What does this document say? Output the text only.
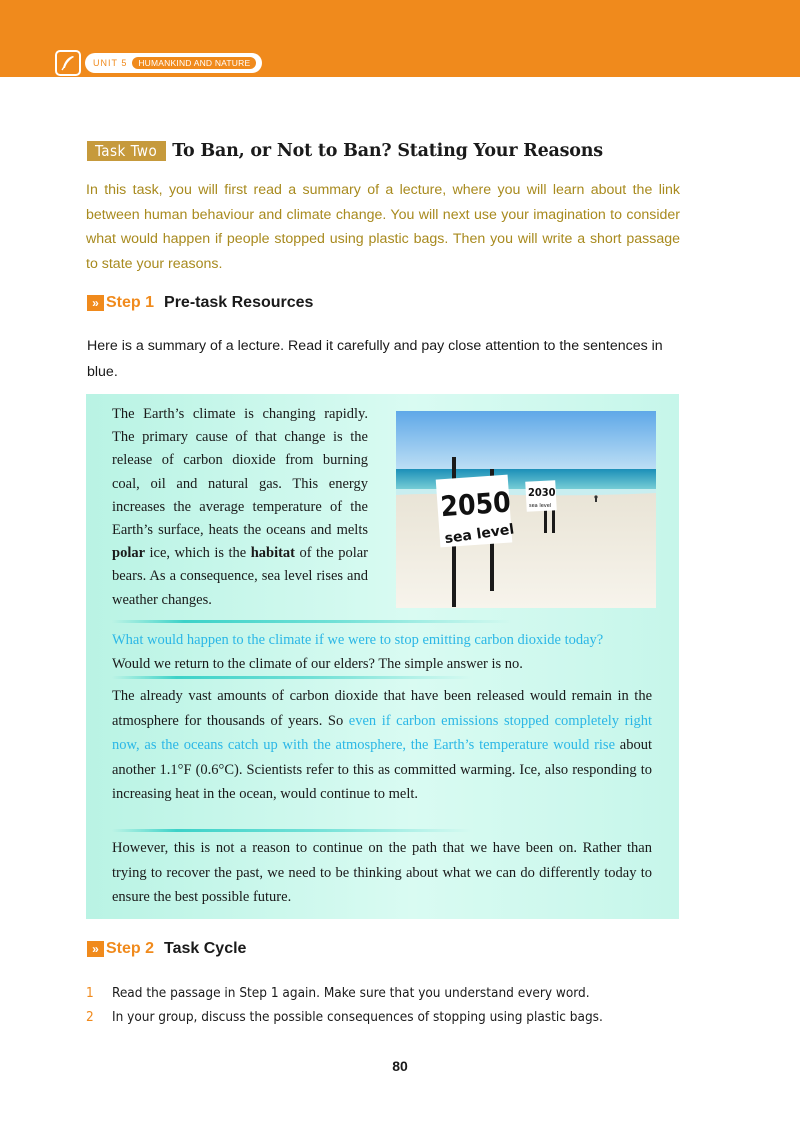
UNIT 5	HUMANKIND AND NATURE
Task Two To Ban, or Not to Ban? Stating Your Reasons

In this task, you will first read a summary of a lecture, where you will learn about the link between human behaviour and climate change. You will next use your imagination to consider what would happen if people stopped using plastic bags. Then you will write a short passage to state your reasons.

» Step 1 Pre-task Resources

Here is a summary of a lecture. Read it carefully and pay close attention to the sentences in blue.

The Earth’s climate is changing rapidly. The primary cause of that change is the release of carbon dioxide from burning coal, oil and natural gas. This energy increases the average temperature of the Earth’s surface, heats the oceans and melts polar ice, which is the habitat of the polar bears. As a consequence, sea level rises and weather changes.

2050
sea level
2030
sea level

What would happen to the climate if we were to stop emitting carbon dioxide today?
Would we return to the climate of our elders? The simple answer is no.

The already vast amounts of carbon dioxide that have been released would remain in the atmosphere for thousands of years. So even if carbon emissions stopped completely right now, as the oceans catch up with the atmosphere, the Earth’s temperature would rise about another 1.1°F (0.6°C). Scientists refer to this as committed warming. Ice, also responding to increasing heat in the ocean, would continue to melt.

However, this is not a reason to continue on the path that we have been on. Rather than trying to recover the past, we need to be thinking about what we can do differently today to ensure the best possible future.

» Step 2 Task Cycle
1	Read the passage in Step 1 again. Make sure that you understand every word.
2	In your group, discuss the possible consequences of stopping using plastic bags.
80
